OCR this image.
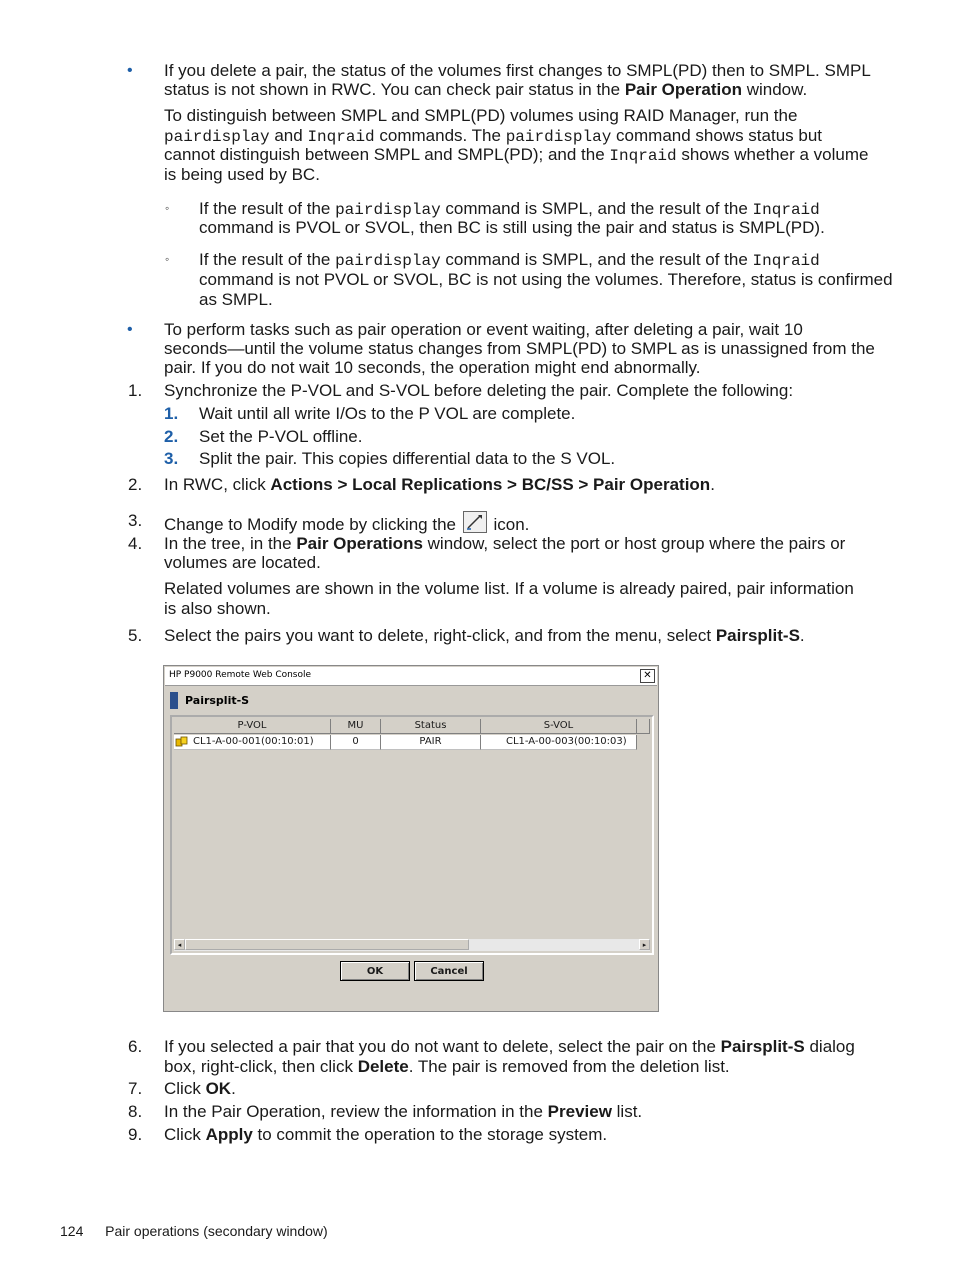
• If you delete a pair, the status of the volumes first changes to SMPL(PD) then to SMPL. SMPL
status is not shown in RWC. You can check pair status in the Pair Operation window.
To distinguish between SMPL and SMPL(PD) volumes using RAID Manager, run the
pairdisplay and Inqraid commands. The pairdisplay command shows status but
cannot distinguish between SMPL and SMPL(PD); and the Inqraid shows whether a volume
is being used by BC.
◦ If the result of the pairdisplay command is SMPL, and the result of the Inqraid
command is PVOL or SVOL, then BC is still using the pair and status is SMPL(PD).
◦ If the result of the pairdisplay command is SMPL, and the result of the Inqraid
command is not PVOL or SVOL, BC is not using the volumes. Therefore, status is confirmed
as SMPL.
• To perform tasks such as pair operation or event waiting, after deleting a pair, wait 10
seconds—until the volume status changes from SMPL(PD) to SMPL as is unassigned from the
pair. If you do not wait 10 seconds, the operation might end abnormally.
1. Synchronize the P-VOL and S-VOL before deleting the pair. Complete the following:
1. Wait until all write I/Os to the P VOL are complete.
2. Set the P-VOL offline.
3. Split the pair. This copies differential data to the S VOL.
2. In RWC, click Actions > Local Replications > BC/SS > Pair Operation.
3. Change to Modify mode by clicking the icon.
4. In the tree, in the Pair Operations window, select the port or host group where the pairs or
volumes are located.
Related volumes are shown in the volume list. If a volume is already paired, pair information
is also shown.
5. Select the pairs you want to delete, right-click, and from the menu, select Pairsplit-S.
HP P9000 Remote Web Console	✕
Pairsplit-S
P-VOL	MU	Status	S-VOL
CL1-A-00-001(00:10:01)	0	PAIR	CL1-A-00-003(00:10:03)
◂	▸
OK	Cancel
6. If you selected a pair that you do not want to delete, select the pair on the Pairsplit-S dialog
box, right-click, then click Delete. The pair is removed from the deletion list.
7. Click OK.
8. In the Pair Operation, review the information in the Preview list.
9. Click Apply to commit the operation to the storage system.
124 Pair operations (secondary window)
